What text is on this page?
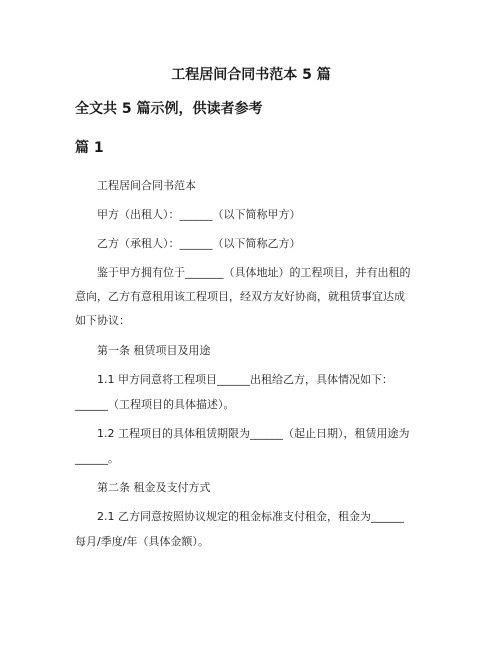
工程居间合同书范本 5 篇
全文共 5 篇示例，供读者参考
篇 1
工程居间合同书范本
甲方（出租人）：______（以下简称甲方）
乙方（承租人）：______（以下简称乙方）
鉴于甲方拥有位于_______（具体地址）的工程项目，并有出租的
意向，乙方有意租用该工程项目，经双方友好协商，就租赁事宜达成
如下协议：
第一条 租赁项目及用途
1.1 甲方同意将工程项目______出租给乙方，具体情况如下：
______（工程项目的具体描述）。
1.2 工程项目的具体租赁期限为______（起止日期），租赁用途为
______。
第二条 租金及支付方式
2.1 乙方同意按照协议规定的租金标准支付租金，租金为______
每月/季度/年（具体金额）。
